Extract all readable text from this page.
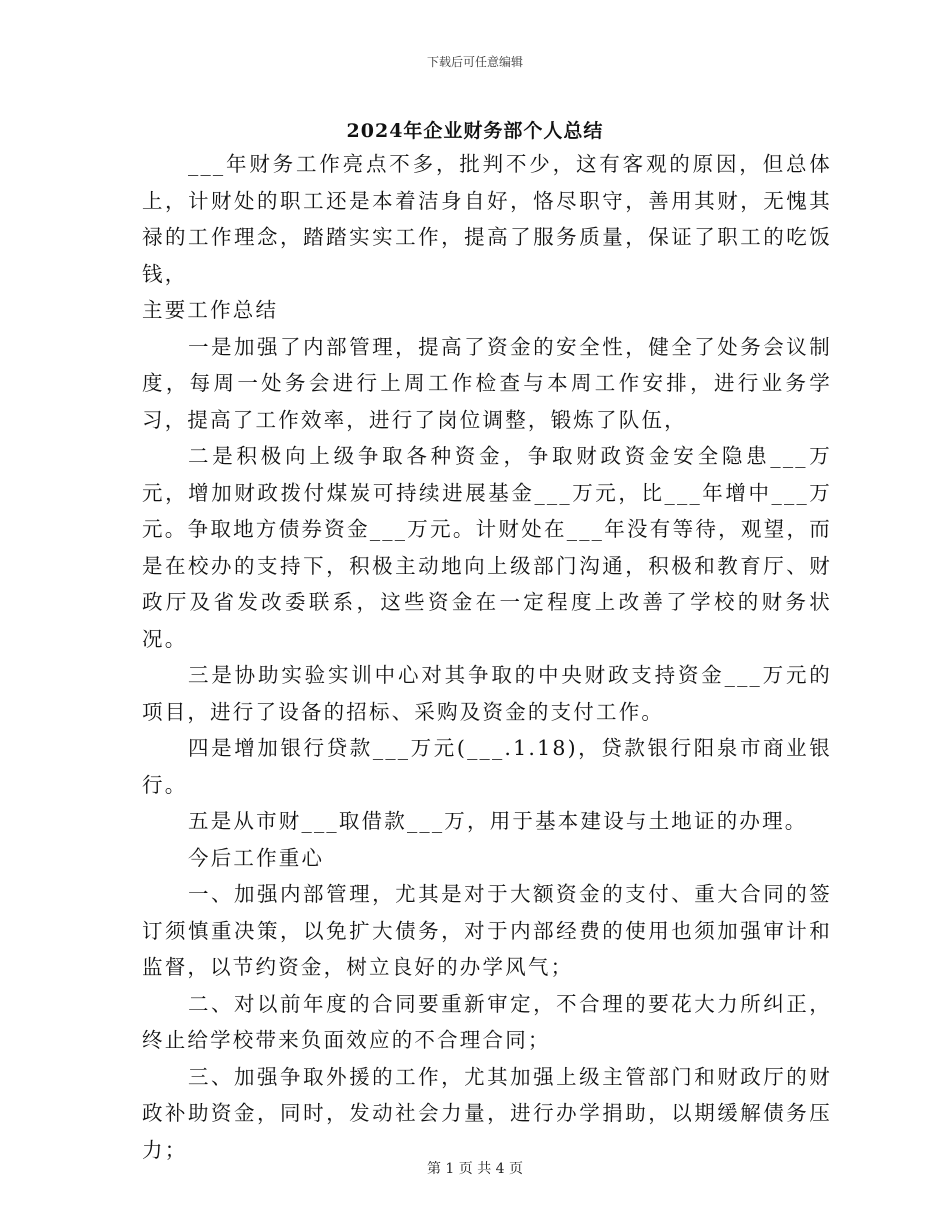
下载后可任意编辑
2024年企业财务部个人总结

___年财务工作亮点不多，批判不少，这有客观的原因，但总体上，计财处的职工还是本着洁身自好，恪尽职守，善用其财，无愧其禄的工作理念，踏踏实实工作，提高了服务质量，保证了职工的吃饭钱，

主要工作总结

一是加强了内部管理，提高了资金的安全性，健全了处务会议制度，每周一处务会进行上周工作检查与本周工作安排，进行业务学习，提高了工作效率，进行了岗位调整，锻炼了队伍，

二是积极向上级争取各种资金，争取财政资金安全隐患___万元，增加财政拨付煤炭可持续进展基金___万元，比___年增中___万元。争取地方债券资金___万元。计财处在___年没有等待，观望，而是在校办的支持下，积极主动地向上级部门沟通，积极和教育厅、财政厅及省发改委联系，这些资金在一定程度上改善了学校的财务状况。

三是协助实验实训中心对其争取的中央财政支持资金___万元的项目，进行了设备的招标、采购及资金的支付工作。

四是增加银行贷款___万元(___.1.18)，贷款银行阳泉市商业银行。

五是从市财___取借款___万，用于基本建设与土地证的办理。

今后工作重心

一、加强内部管理，尤其是对于大额资金的支付、重大合同的签订须慎重决策，以免扩大债务，对于内部经费的使用也须加强审计和监督，以节约资金，树立良好的办学风气；

二、对以前年度的合同要重新审定，不合理的要花大力所纠正，终止给学校带来负面效应的不合理合同；

三、加强争取外援的工作，尤其加强上级主管部门和财政厅的财政补助资金，同时，发动社会力量，进行办学捐助，以期缓解债务压力；

第 1 页 共 4 页
